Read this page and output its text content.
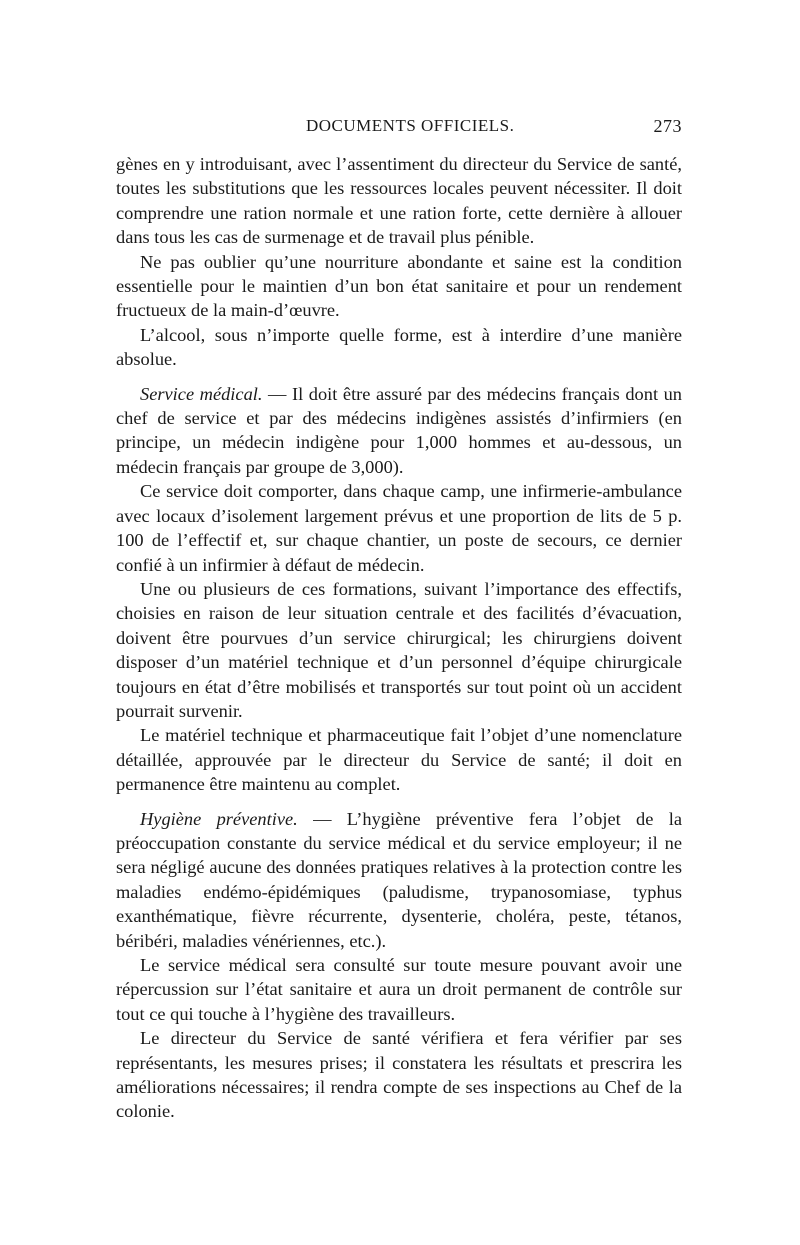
DOCUMENTS OFFICIELS.	273

gènes en y introduisant, avec l’assentiment du directeur du Service de santé, toutes les substitutions que les ressources locales peuvent nécessiter. Il doit comprendre une ration normale et une ration forte, cette dernière à allouer dans tous les cas de surmenage et de travail plus pénible.

Ne pas oublier qu’une nourriture abondante et saine est la condition essentielle pour le maintien d’un bon état sanitaire et pour un rendement fructueux de la main-d’œuvre.

L’alcool, sous n’importe quelle forme, est à interdire d’une manière absolue.

Service médical. — Il doit être assuré par des médecins français dont un chef de service et par des médecins indigènes assistés d’infirmiers (en principe, un médecin indigène pour 1,000 hommes et au-dessous, un médecin français par groupe de 3,000).

Ce service doit comporter, dans chaque camp, une infirmerie-ambulance avec locaux d’isolement largement prévus et une proportion de lits de 5 p. 100 de l’effectif et, sur chaque chantier, un poste de secours, ce dernier confié à un infirmier à défaut de médecin.

Une ou plusieurs de ces formations, suivant l’importance des effectifs, choisies en raison de leur situation centrale et des facilités d’évacuation, doivent être pourvues d’un service chirurgical; les chirurgiens doivent disposer d’un matériel technique et d’un personnel d’équipe chirurgicale toujours en état d’être mobilisés et transportés sur tout point où un accident pourrait survenir.

Le matériel technique et pharmaceutique fait l’objet d’une nomenclature détaillée, approuvée par le directeur du Service de santé; il doit en permanence être maintenu au complet.

Hygiène préventive. — L’hygiène préventive fera l’objet de la préoccupation constante du service médical et du service employeur; il ne sera négligé aucune des données pratiques relatives à la protection contre les maladies endémo-épidémiques (paludisme, trypanosomiase, typhus exanthématique, fièvre récurrente, dysenterie, choléra, peste, tétanos, béribéri, maladies vénériennes, etc.).

Le service médical sera consulté sur toute mesure pouvant avoir une répercussion sur l’état sanitaire et aura un droit permanent de contrôle sur tout ce qui touche à l’hygiène des travailleurs.

Le directeur du Service de santé vérifiera et fera vérifier par ses représentants, les mesures prises; il constatera les résultats et prescrira les améliorations nécessaires; il rendra compte de ses inspections au Chef de la colonie.
